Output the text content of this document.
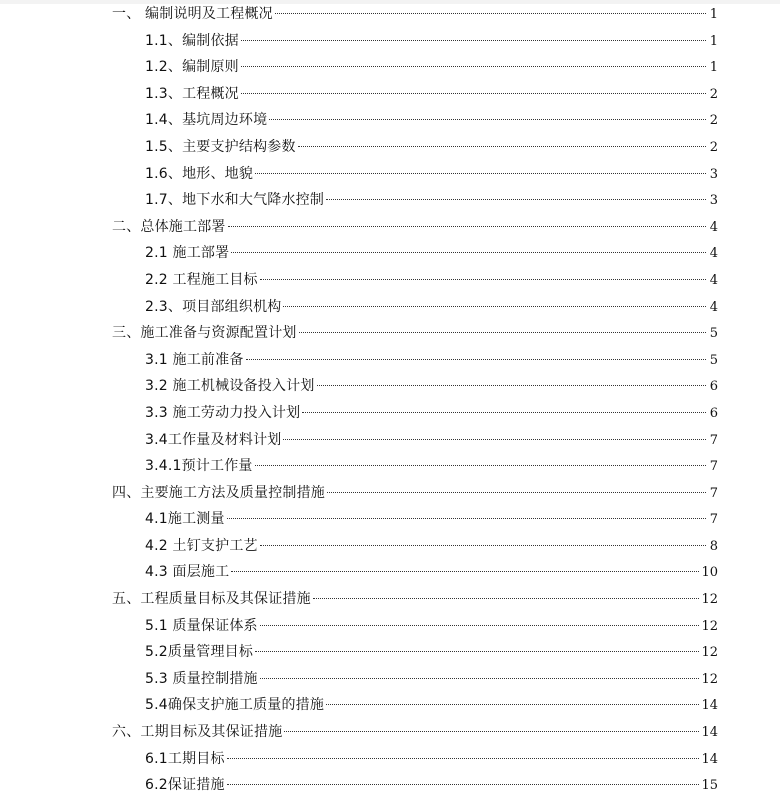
一、 编制说明及工程概况	1
1.1、编制依据	1
1.2、编制原则	1
1.3、工程概况	2
1.4、基坑周边环境	2
1.5、主要支护结构参数	2
1.6、地形、地貌	3
1.7、地下水和大气降水控制	3
二、总体施工部署	4
2.1 施工部署	4
2.2 工程施工目标	4
2.3、项目部组织机构	4
三、施工准备与资源配置计划	5
3.1 施工前准备	5
3.2 施工机械设备投入计划	6
3.3 施工劳动力投入计划	6
3.4工作量及材料计划	7
3.4.1预计工作量	7
四、主要施工方法及质量控制措施	7
4.1施工测量	7
4.2 土钉支护工艺	8
4.3 面层施工	10
五、工程质量目标及其保证措施	12
5.1 质量保证体系	12
5.2质量管理目标	12
5.3 质量控制措施	12
5.4确保支护施工质量的措施	14
六、工期目标及其保证措施	14
6.1工期目标	14
6.2保证措施	15
